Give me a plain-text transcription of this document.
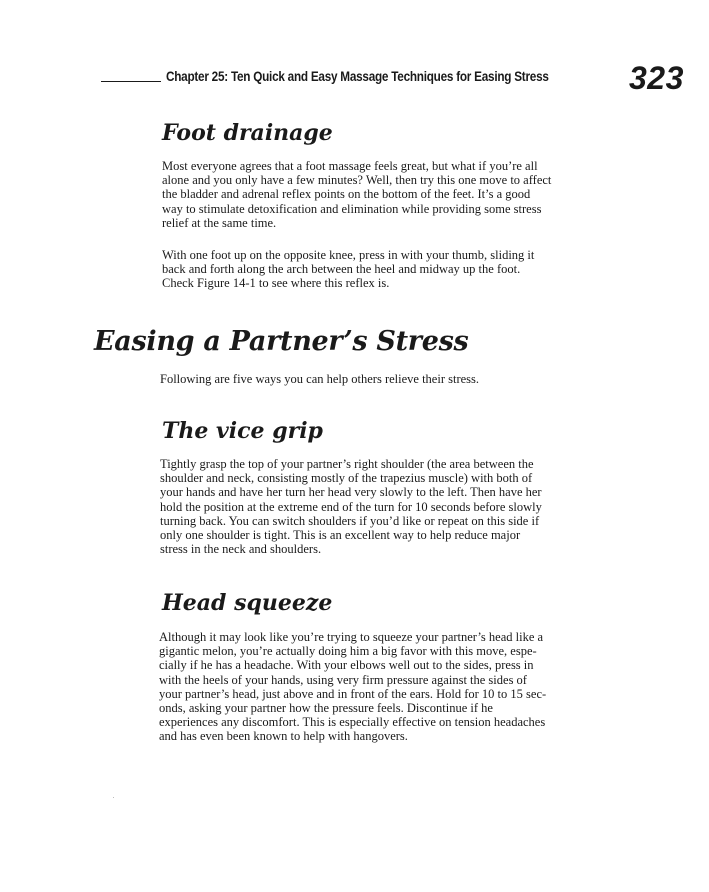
Chapter 25: Ten Quick and Easy Massage Techniques for Easing Stress	323
Foot drainage

Most everyone agrees that a foot massage feels great, but what if you’re all
alone and you only have a few minutes? Well, then try this one move to affect
the bladder and adrenal reflex points on the bottom of the feet. It’s a good
way to stimulate detoxification and elimination while providing some stress
relief at the same time.

With one foot up on the opposite knee, press in with your thumb, sliding it
back and forth along the arch between the heel and midway up the foot.
Check Figure 14-1 to see where this reflex is.

Easing a Partner’s Stress

Following are five ways you can help others relieve their stress.

The vice grip

Tightly grasp the top of your partner’s right shoulder (the area between the
shoulder and neck, consisting mostly of the trapezius muscle) with both of
your hands and have her turn her head very slowly to the left. Then have her
hold the position at the extreme end of the turn for 10 seconds before slowly
turning back. You can switch shoulders if you’d like or repeat on this side if
only one shoulder is tight. This is an excellent way to help reduce major
stress in the neck and shoulders.

Head squeeze

Although it may look like you’re trying to squeeze your partner’s head like a
gigantic melon, you’re actually doing him a big favor with this move, espe-
cially if he has a headache. With your elbows well out to the sides, press in
with the heels of your hands, using very firm pressure against the sides of
your partner’s head, just above and in front of the ears. Hold for 10 to 15 sec-
onds, asking your partner how the pressure feels. Discontinue if he
experiences any discomfort. This is especially effective on tension headaches
and has even been known to help with hangovers.
